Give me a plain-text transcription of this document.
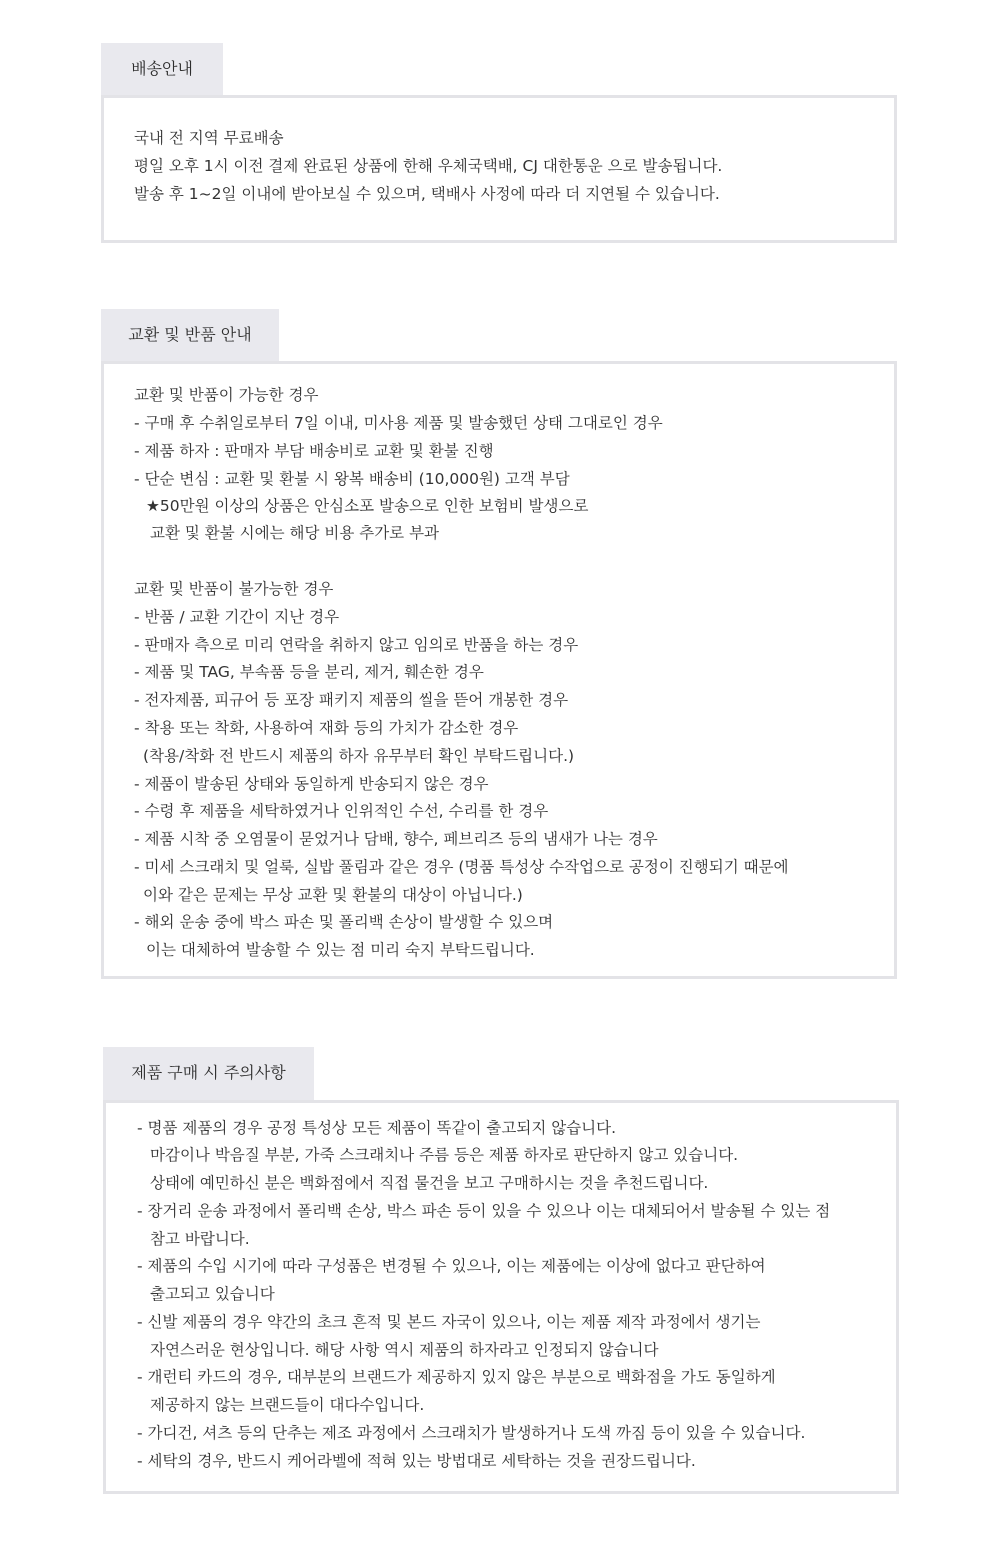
배송안내
국내 전 지역 무료배송
평일 오후 1시 이전 결제 완료된 상품에 한해 우체국택배, CJ 대한통운 으로 발송됩니다.
발송 후 1~2일 이내에 받아보실 수 있으며, 택배사 사정에 따라 더 지연될 수 있습니다.
교환 및 반품 안내
교환 및 반품이 가능한 경우
- 구매 후 수취일로부터 7일 이내, 미사용 제품 및 발송했던 상태 그대로인 경우
- 제품 하자 : 판매자 부담 배송비로 교환 및 환불 진행
- 단순 변심 : 교환 및 환불 시 왕복 배송비 (10,000원) 고객 부담
★50만원 이상의 상품은 안심소포 발송으로 인한 보험비 발생으로
교환 및 환불 시에는 해당 비용 추가로 부과
교환 및 반품이 불가능한 경우
- 반품 / 교환 기간이 지난 경우
- 판매자 측으로 미리 연락을 취하지 않고 임의로 반품을 하는 경우
- 제품 및 TAG, 부속품 등을 분리, 제거, 훼손한 경우
- 전자제품, 피규어 등 포장 패키지 제품의 씰을 뜯어 개봉한 경우
- 착용 또는 착화, 사용하여 재화 등의 가치가 감소한 경우
(착용/착화 전 반드시 제품의 하자 유무부터 확인 부탁드립니다.)
- 제품이 발송된 상태와 동일하게 반송되지 않은 경우
- 수령 후 제품을 세탁하였거나 인위적인 수선, 수리를 한 경우
- 제품 시착 중 오염물이 묻었거나 담배, 향수, 페브리즈 등의 냄새가 나는 경우
- 미세 스크래치 및 얼룩, 실밥 풀림과 같은 경우 (명품 특성상 수작업으로 공정이 진행되기 때문에
이와 같은 문제는 무상 교환 및 환불의 대상이 아닙니다.)
- 해외 운송 중에 박스 파손 및 폴리백 손상이 발생할 수 있으며
이는 대체하여 발송할 수 있는 점 미리 숙지 부탁드립니다.
제품 구매 시 주의사항
- 명품 제품의 경우 공정 특성상 모든 제품이 똑같이 출고되지 않습니다.
마감이나 박음질 부분, 가죽 스크래치나 주름 등은 제품 하자로 판단하지 않고 있습니다.
상태에 예민하신 분은 백화점에서 직접 물건을 보고 구매하시는 것을 추천드립니다.
- 장거리 운송 과정에서 폴리백 손상, 박스 파손 등이 있을 수 있으나 이는 대체되어서 발송될 수 있는 점
참고 바랍니다.
- 제품의 수입 시기에 따라 구성품은 변경될 수 있으나, 이는 제품에는 이상에 없다고 판단하여
출고되고 있습니다
- 신발 제품의 경우 약간의 초크 흔적 및 본드 자국이 있으나, 이는 제품 제작 과정에서 생기는
자연스러운 현상입니다. 해당 사항 역시 제품의 하자라고 인정되지 않습니다
- 개런티 카드의 경우, 대부분의 브랜드가 제공하지 있지 않은 부분으로 백화점을 가도 동일하게
제공하지 않는 브랜드들이 대다수입니다.
- 가디건, 셔츠 등의 단추는 제조 과정에서 스크래치가 발생하거나 도색 까짐 등이 있을 수 있습니다.
- 세탁의 경우, 반드시 케어라벨에 적혀 있는 방법대로 세탁하는 것을 권장드립니다.
